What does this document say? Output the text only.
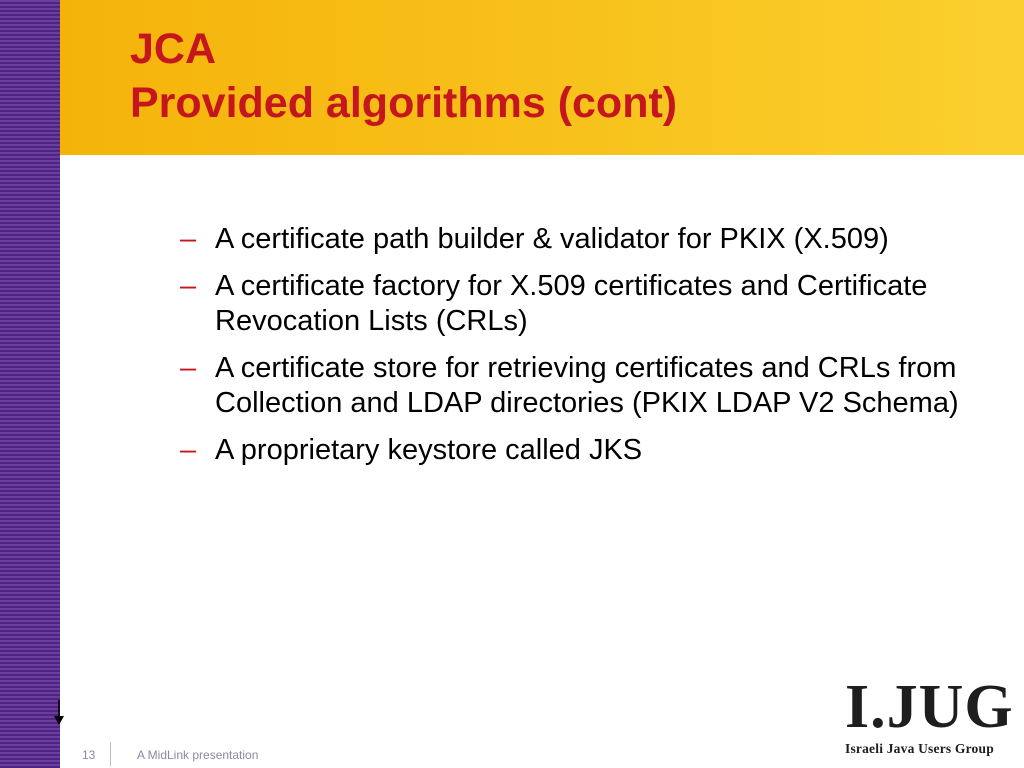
JCA
Provided algorithms (cont)
– A certificate path builder & validator for PKIX (X.509)
– A certificate factory for X.509 certificates and Certificate Revocation Lists (CRLs)
– A certificate store for retrieving certificates and CRLs from Collection and LDAP directories (PKIX LDAP V2 Schema)
– A proprietary keystore called JKS
13	A MidLink presentation
I.JUG
Israeli Java Users Group
